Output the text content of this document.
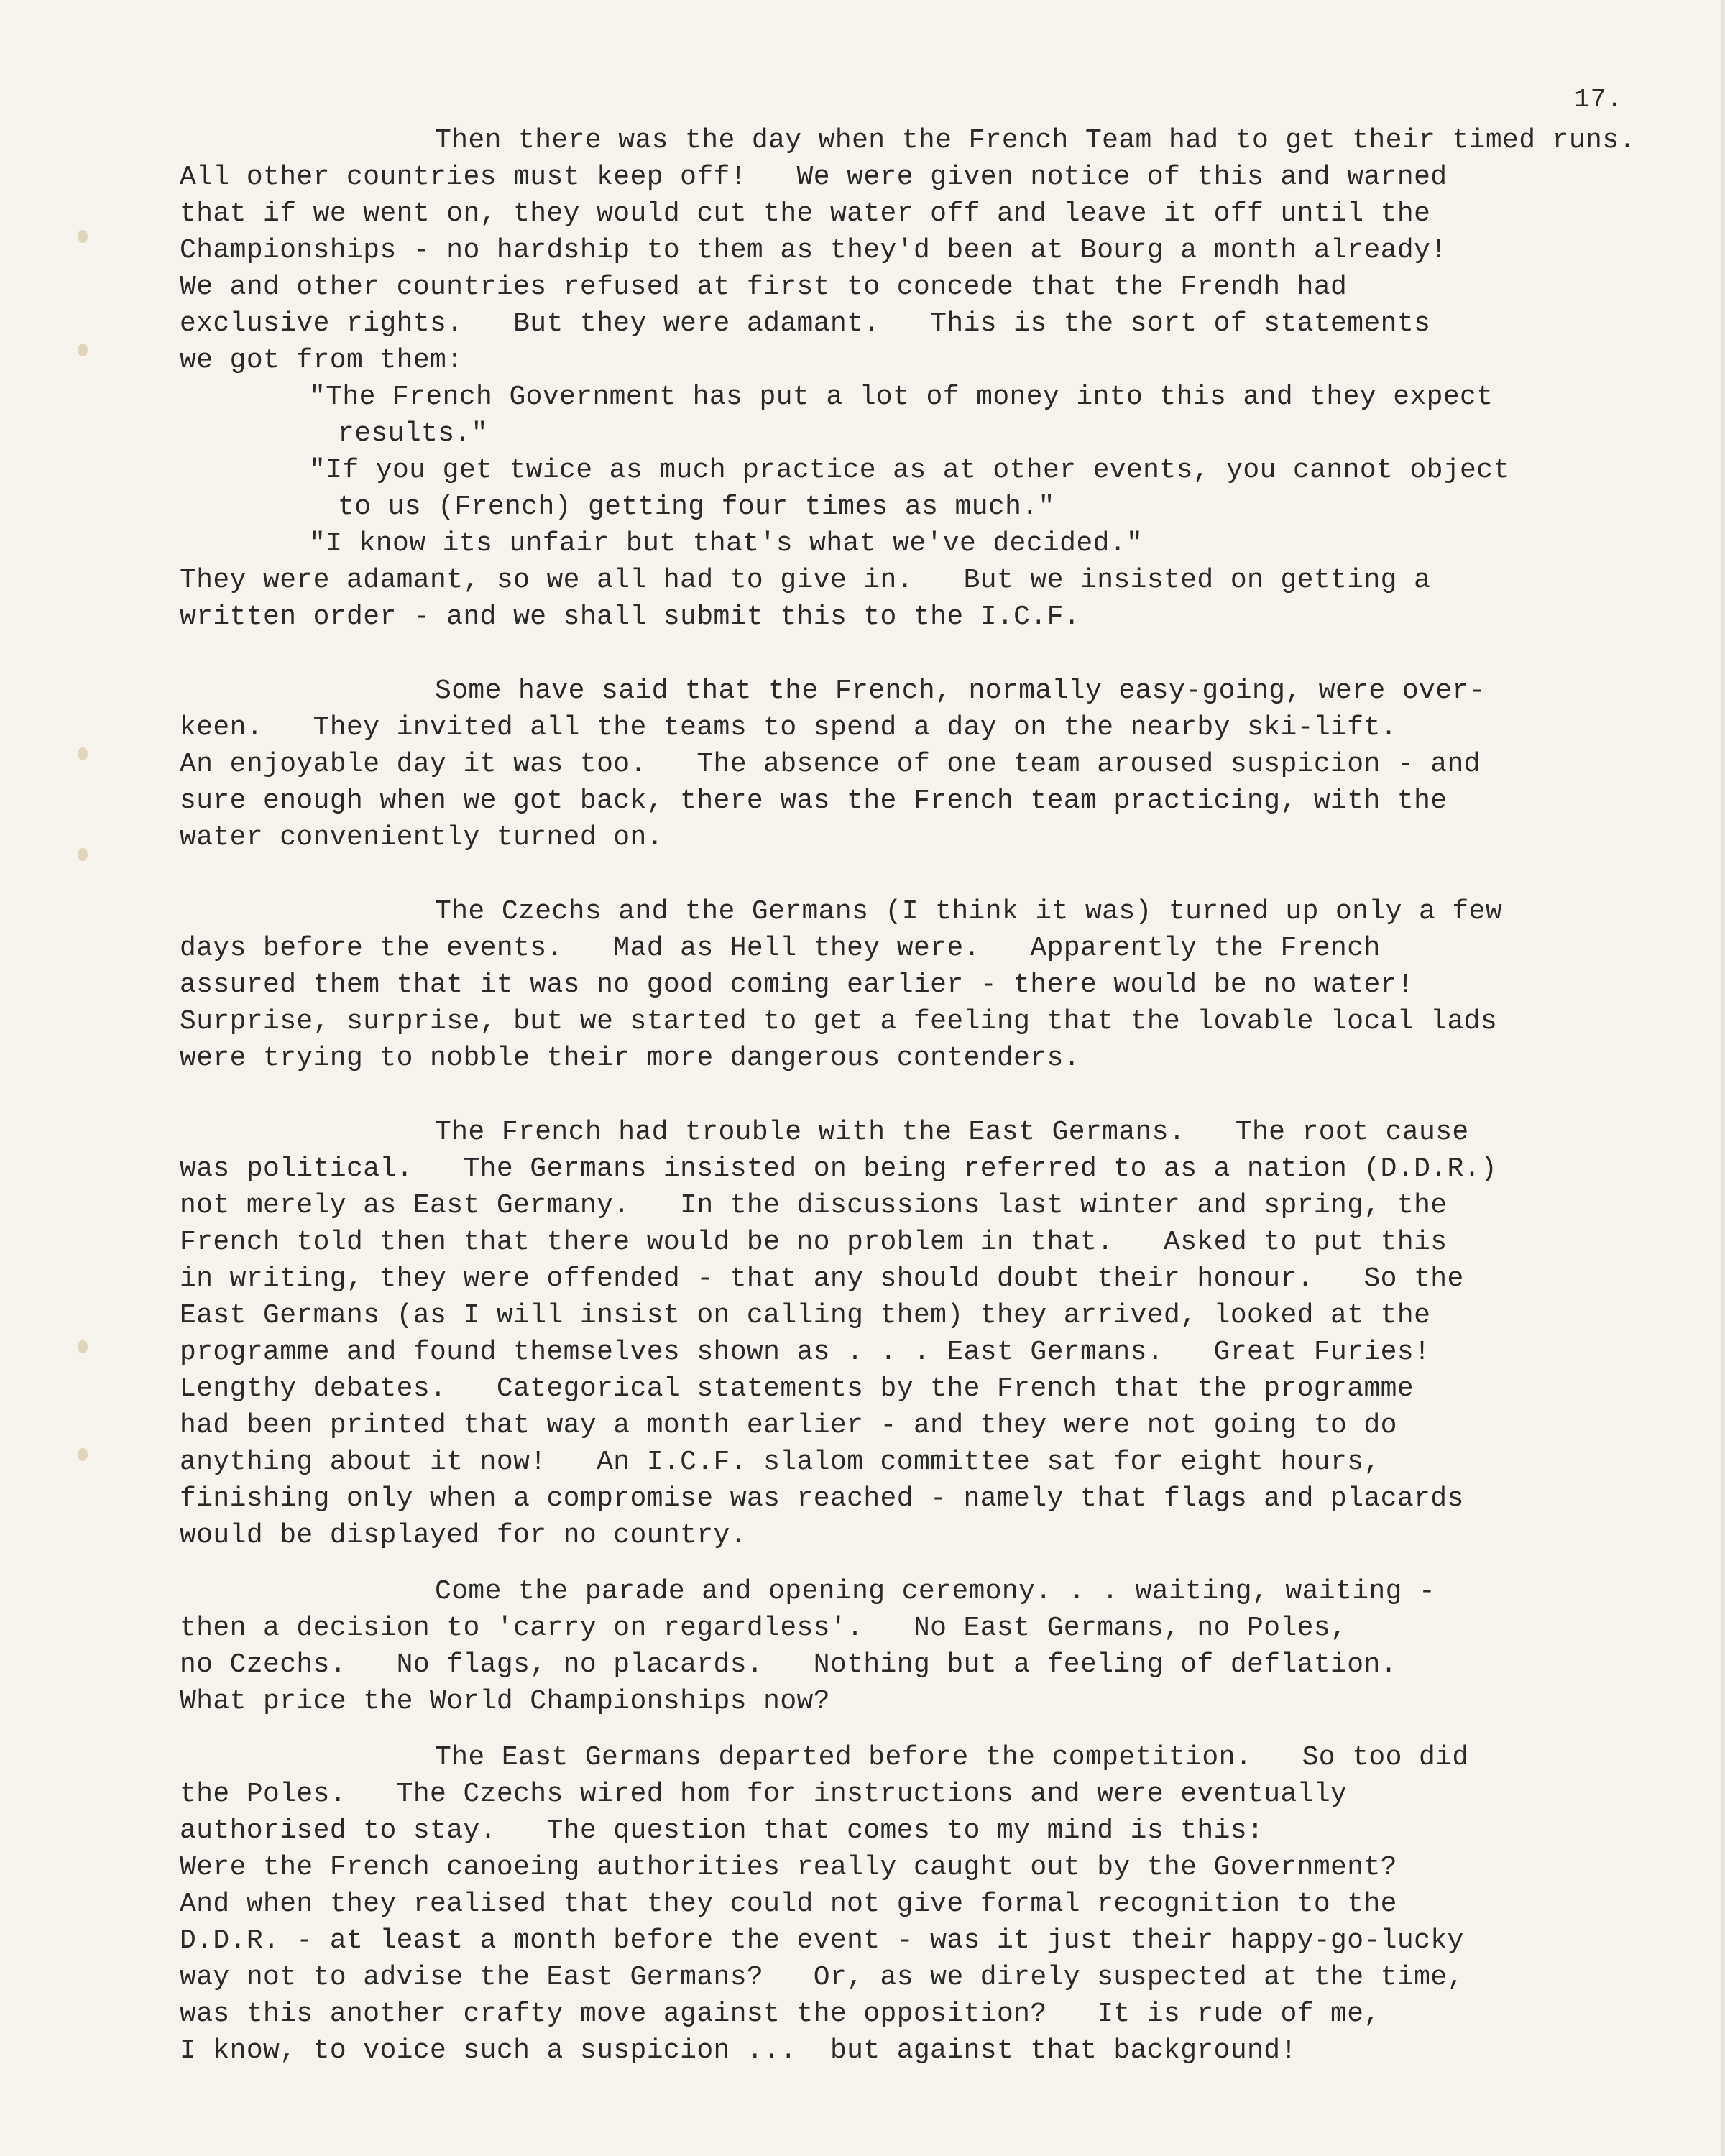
17.
Then there was the day when the French Team had to get their timed runs.
All other countries must keep off!   We were given notice of this and warned
that if we went on, they would cut the water off and leave it off until the
Championships - no hardship to them as they'd been at Bourg a month already!
We and other countries refused at first to concede that the Frendh had
exclusive rights.   But they were adamant.   This is the sort of statements
we got from them:
"The French Government has put a lot of money into this and they expect
results."
"If you get twice as much practice as at other events, you cannot object
to us (French) getting four times as much."
"I know its unfair but that's what we've decided."
They were adamant, so we all had to give in.   But we insisted on getting a
written order - and we shall submit this to the I.C.F.
Some have said that the French, normally easy-going, were over-
keen.   They invited all the teams to spend a day on the nearby ski-lift.
An enjoyable day it was too.   The absence of one team aroused suspicion - and
sure enough when we got back, there was the French team practicing, with the
water conveniently turned on.
The Czechs and the Germans (I think it was) turned up only a few
days before the events.   Mad as Hell they were.   Apparently the French
assured them that it was no good coming earlier - there would be no water!
Surprise, surprise, but we started to get a feeling that the lovable local lads
were trying to nobble their more dangerous contenders.
The French had trouble with the East Germans.   The root cause
was political.   The Germans insisted on being referred to as a nation (D.D.R.)
not merely as East Germany.   In the discussions last winter and spring, the
French told then that there would be no problem in that.   Asked to put this
in writing, they were offended - that any should doubt their honour.   So the
East Germans (as I will insist on calling them) they arrived, looked at the
programme and found themselves shown as . . . East Germans.   Great Furies!
Lengthy debates.   Categorical statements by the French that the programme
had been printed that way a month earlier - and they were not going to do
anything about it now!   An I.C.F. slalom committee sat for eight hours,
finishing only when a compromise was reached - namely that flags and placards
would be displayed for no country.
Come the parade and opening ceremony. . . waiting, waiting -
then a decision to 'carry on regardless'.   No East Germans, no Poles,
no Czechs.   No flags, no placards.   Nothing but a feeling of deflation.
What price the World Championships now?
The East Germans departed before the competition.   So too did
the Poles.   The Czechs wired hom for instructions and were eventually
authorised to stay.   The question that comes to my mind is this:
Were the French canoeing authorities really caught out by the Government?
And when they realised that they could not give formal recognition to the
D.D.R. - at least a month before the event - was it just their happy-go-lucky
way not to advise the East Germans?   Or, as we direly suspected at the time,
was this another crafty move against the opposition?   It is rude of me,
I know, to voice such a suspicion ...  but against that background!
